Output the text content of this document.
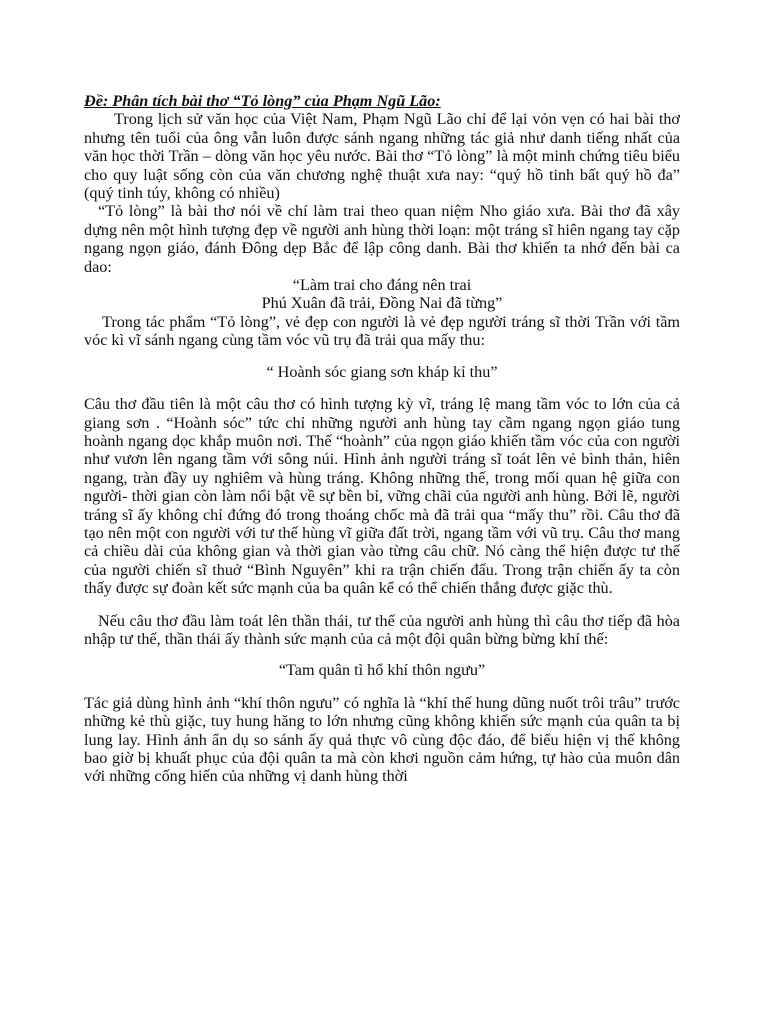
Đề: Phân tích bài thơ “Tỏ lòng” của Phạm Ngũ Lão:

Trong lịch sử văn học của Việt Nam, Phạm Ngũ Lão chỉ để lại vỏn vẹn có hai bài thơ nhưng tên tuổi của ông vẫn luôn được sánh ngang những tác giả như danh tiếng nhất của văn học thời Trần – dòng văn học yêu nước. Bài thơ “Tỏ lòng” là một minh chứng tiêu biểu cho quy luật sống còn của văn chương nghệ thuật xưa nay: “quý hồ tinh bất quý hồ đa” (quý tinh túy, không có nhiều)

“Tỏ lòng” là bài thơ nói về chí làm trai theo quan niệm Nho giáo xưa. Bài thơ đã xây dựng nên một hình tượng đẹp về người anh hùng thời loạn: một tráng sĩ hiên ngang tay cặp ngang ngọn giáo, đánh Đông dẹp Bắc để lập công danh. Bài thơ khiến ta nhớ đến bài ca dao:

“Làm trai cho đáng nên trai

Phú Xuân đã trải, Đồng Nai đã từng”

Trong tác phẩm “Tỏ lòng”, vẻ đẹp con người là vẻ đẹp người tráng sĩ thời Trần với tầm vóc kì vĩ sánh ngang cùng tầm vóc vũ trụ đã trải qua mấy thu:

“ Hoành sóc giang sơn kháp kỉ thu”

Câu thơ đầu tiên là một câu thơ có hình tượng kỳ vĩ, tráng lệ mang tầm vóc to lớn của cả giang sơn . “Hoành sóc” tức chỉ những người anh hùng tay cầm ngang ngọn giáo tung hoành ngang dọc khắp muôn nơi. Thế “hoành” của ngọn giáo khiến tầm vóc của con người như vươn lên ngang tầm với sông núi. Hình ảnh người tráng sĩ toát lên vẻ bình thản, hiên ngang, tràn đầy uy nghiêm và hùng tráng. Không những thế, trong mối quan hệ giữa con người- thời gian còn làm nổi bật về sự bền bỉ, vững chãi của người anh hùng. Bởi lẽ, người tráng sĩ ấy không chỉ đứng đó trong thoáng chốc mà đã trải qua “mấy thu” rồi. Câu thơ đã tạo nên một con người với tư thế hùng vĩ giữa đất trời, ngang tầm với vũ trụ. Câu thơ mang cả chiều dài của không gian và thời gian vào từng câu chữ. Nó càng thể hiện được tư thế của người chiến sĩ thuở “Bình Nguyên” khi ra trận chiến đấu. Trong trận chiến ấy ta còn thấy được sự đoàn kết sức mạnh của ba quân kể có thể chiến thắng được giặc thù.

Nếu câu thơ đầu làm toát lên thần thái, tư thế của người anh hùng thì câu thơ tiếp đã hòa nhập tư thế, thần thái ấy thành sức mạnh của cả một đội quân bừng bừng khí thế:

“Tam quân tì hổ khí thôn ngưu”

Tác giả dùng hình ảnh “khí thôn ngưu” có nghĩa là “khí thế hung dũng nuốt trôi trâu” trước những kẻ thù giặc, tuy hung hăng to lớn nhưng cũng không khiến sức mạnh của quân ta bị lung lay. Hình ảnh ẩn dụ so sánh ấy quả thực vô cùng độc đáo, để biểu hiện vị thế không bao giờ bị khuất phục của đội quân ta mà còn khơi nguồn cảm hứng, tự hào của muôn dân với những cống hiến của những vị danh hùng thời
